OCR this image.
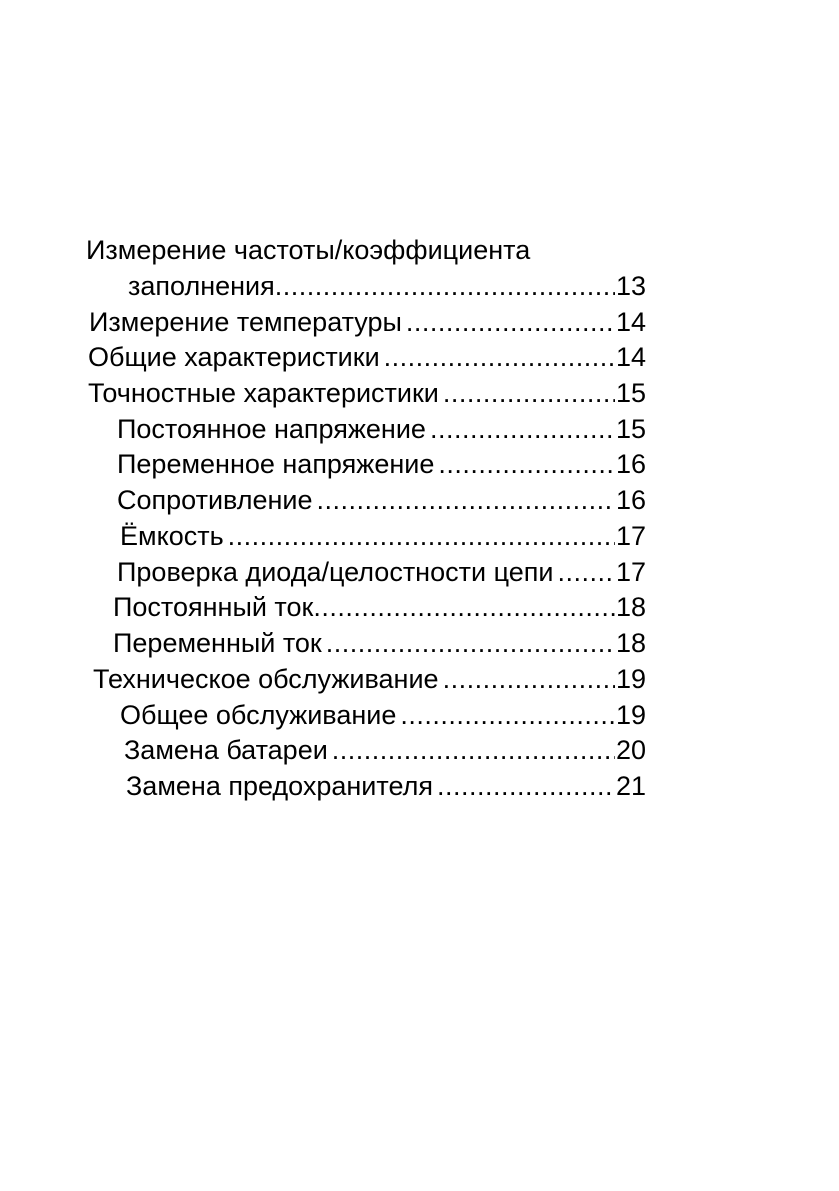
Измерение частоты/коэффициента
заполнения .....	13
Измерение температуры .....	14
Общие характеристики .....	14
Точностные характеристики .....	15
Постоянное напряжение .....	15
Переменное напряжение .....	16
Сопротивление .....	16
Ёмкость .....	17
Проверка диода/целостности цепи ..... 17
Постоянный ток .....	18
Переменный ток .....	18
Техническое обслуживание .....	19
Общее обслуживание .....	19
Замена батареи .....	20
Замена предохранителя .....	21
